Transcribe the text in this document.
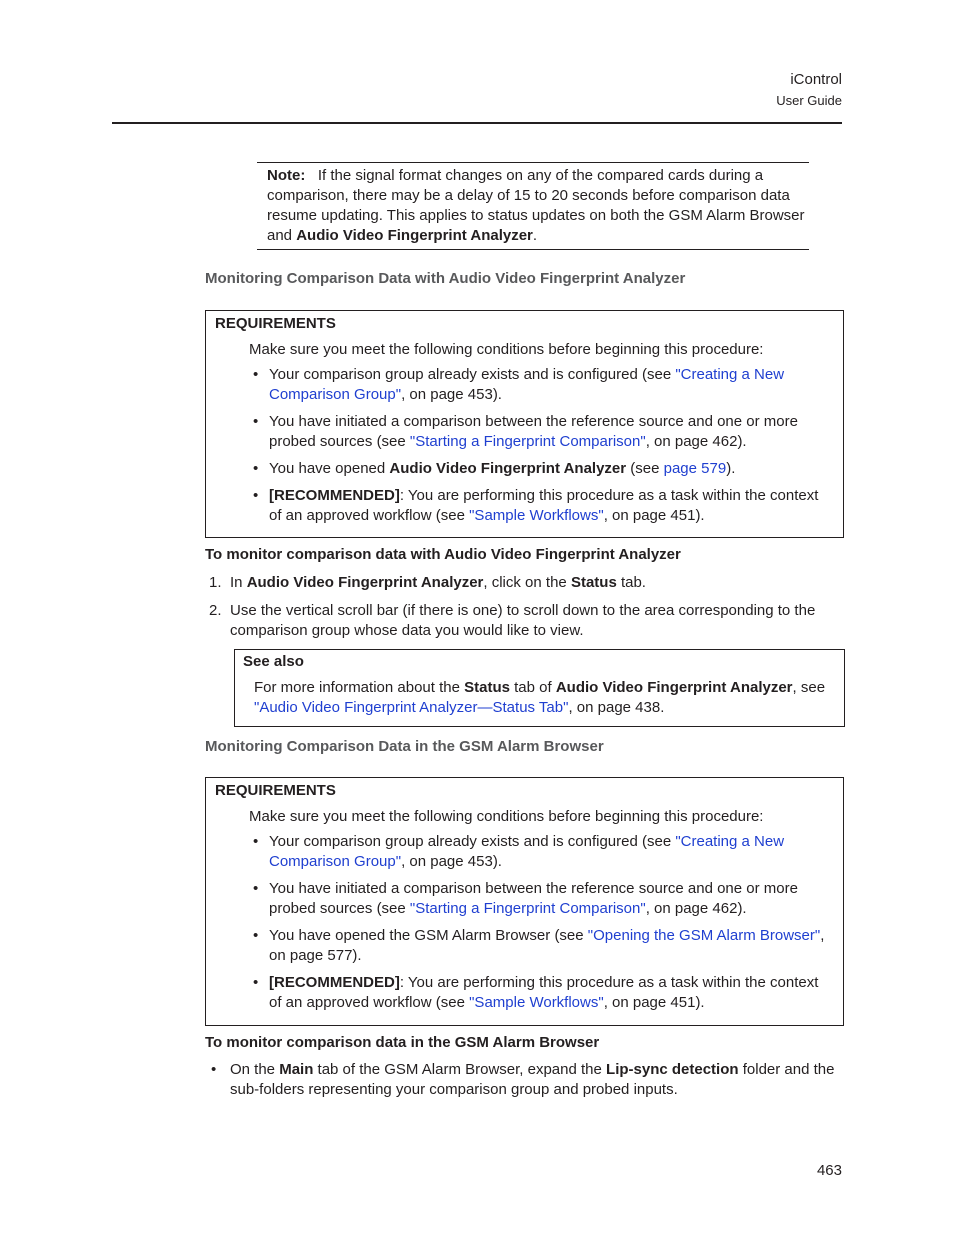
iControl
User Guide

Note: If the signal format changes on any of the compared cards during a comparison, there may be a delay of 15 to 20 seconds before comparison data resume updating. This applies to status updates on both the GSM Alarm Browser and Audio Video Fingerprint Analyzer.

Monitoring Comparison Data with Audio Video Fingerprint Analyzer
REQUIREMENTS
Make sure you meet the following conditions before beginning this procedure:
• Your comparison group already exists and is configured (see "Creating a New Comparison Group", on page 453).
• You have initiated a comparison between the reference source and one or more probed sources (see "Starting a Fingerprint Comparison", on page 462).
• You have opened Audio Video Fingerprint Analyzer (see page 579).
• [RECOMMENDED]: You are performing this procedure as a task within the context of an approved workflow (see "Sample Workflows", on page 451).
To monitor comparison data with Audio Video Fingerprint Analyzer

1. In Audio Video Fingerprint Analyzer, click on the Status tab.

2. Use the vertical scroll bar (if there is one) to scroll down to the area corresponding to the comparison group whose data you would like to view.

See also
For more information about the Status tab of Audio Video Fingerprint Analyzer, see "Audio Video Fingerprint Analyzer—Status Tab", on page 438.
Monitoring Comparison Data in the GSM Alarm Browser
REQUIREMENTS
Make sure you meet the following conditions before beginning this procedure:
• Your comparison group already exists and is configured (see "Creating a New Comparison Group", on page 453).
• You have initiated a comparison between the reference source and one or more probed sources (see "Starting a Fingerprint Comparison", on page 462).
• You have opened the GSM Alarm Browser (see "Opening the GSM Alarm Browser", on page 577).
• [RECOMMENDED]: You are performing this procedure as a task within the context of an approved workflow (see "Sample Workflows", on page 451).
To monitor comparison data in the GSM Alarm Browser
• On the Main tab of the GSM Alarm Browser, expand the Lip-sync detection folder and the sub-folders representing your comparison group and probed inputs.
463
